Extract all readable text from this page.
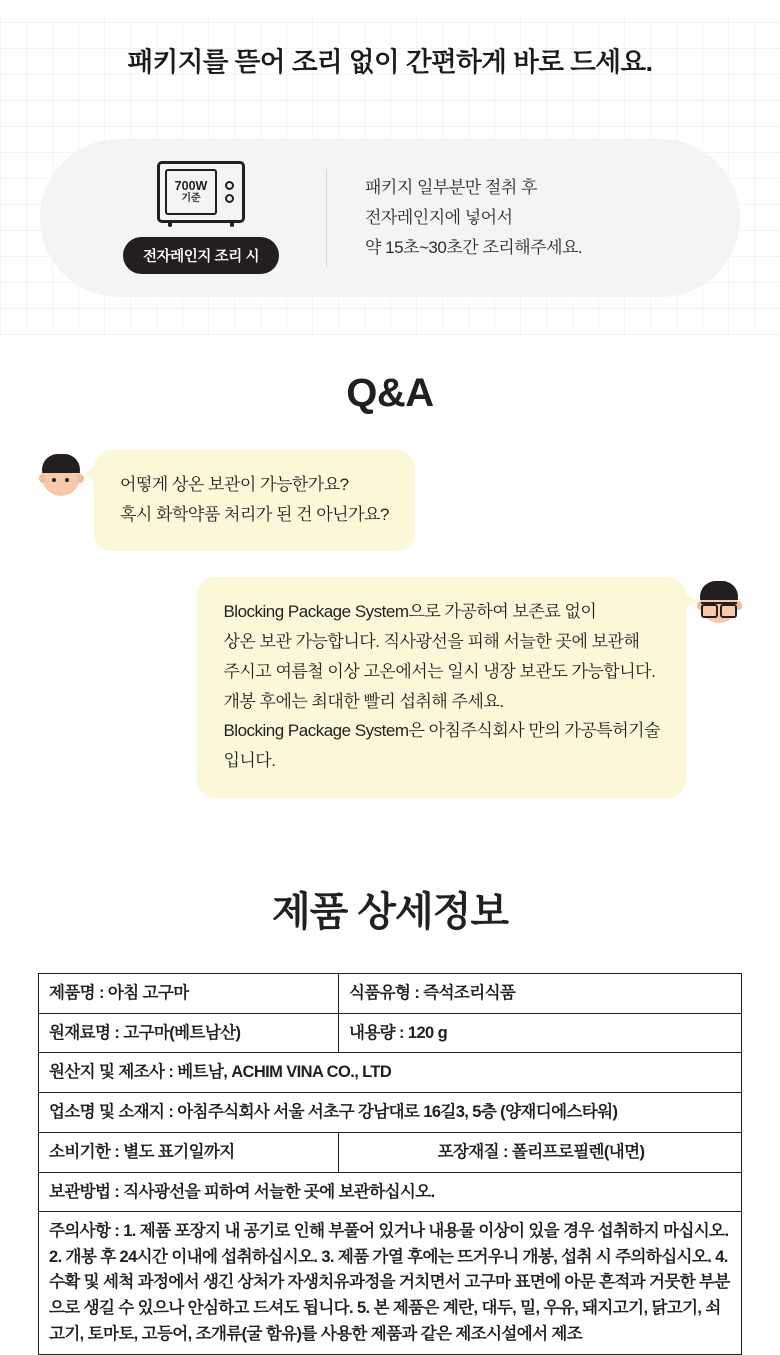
패키지를 뜯어 조리 없이 간편하게 바로 드세요.
700W
기준
전자레인지 조리 시
패키지 일부분만 절취 후
전자레인지에 넣어서
약 15초~30초간 조리해주세요.
Q&A
어떻게 상온 보관이 가능한가요?
혹시 화학약품 처리가 된 건 아닌가요?
Blocking Package System으로 가공하여 보존료 없이
상온 보관 가능합니다. 직사광선을 피해 서늘한 곳에 보관해
주시고 여름철 이상 고온에서는 일시 냉장 보관도 가능합니다.
개봉 후에는 최대한 빨리 섭취해 주세요.
Blocking Package System은 아침주식회사 만의 가공특허기술
입니다.
제품 상세정보
제품명 : 아침 고구마	식품유형 : 즉석조리식품
원재료명 : 고구마(베트남산)	내용량 : 120 g
원산지 및 제조사 : 베트남, ACHIM VINA CO., LTD	
업소명 및 소재지 : 아침주식회사 서울 서초구 강남대로 16길3, 5층 (양재디에스타워)	
소비기한 : 별도 표기일까지	포장재질 : 폴리프로필렌(내면)
보관방법 : 직사광선을 피하여 서늘한 곳에 보관하십시오.	
주의사항 : 1. 제품 포장지 내 공기로 인해 부풀어 있거나 내용물 이상이 있을 경우 섭취하지 마십시오. 2. 개봉 후 24시간 이내에 섭취하십시오. 3. 제품 가열 후에는 뜨거우니 개봉, 섭취 시 주의하십시오. 4. 수확 및 세척 과정에서 생긴 상처가 자생치유과정을 거치면서 고구마 표면에 아문 흔적과 거뭇한 부분으로 생길 수 있으나 안심하고 드셔도 됩니다. 5. 본 제품은 계란, 대두, 밀, 우유, 돼지고기, 닭고기, 쇠고기, 토마토, 고등어, 조개류(굴 함유)를 사용한 제품과 같은 제조시설에서 제조	
